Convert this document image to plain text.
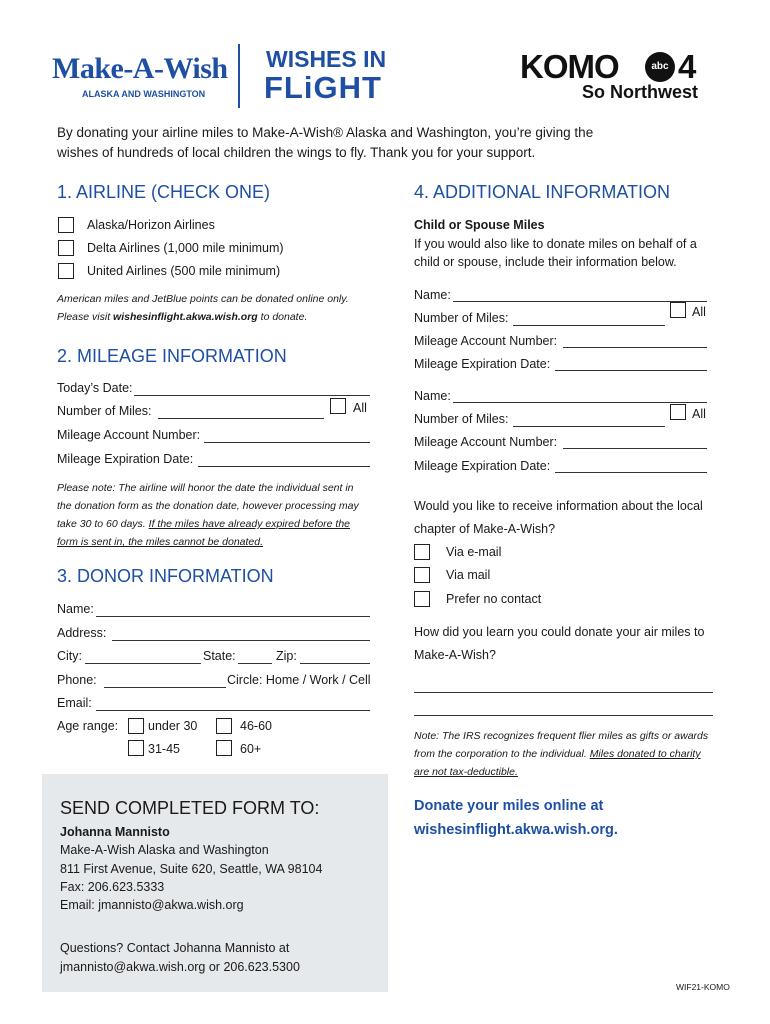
Make-A-Wish
ALASKA AND WASHINGTON
WISHES IN
FLiGHT
KOMO	abc 4
So Northwest
By donating your airline miles to Make-A-Wish® Alaska and Washington, you’re giving the
wishes of hundreds of local children the wings to fly. Thank you for your support.
1. AIRLINE (CHECK ONE)
Alaska/Horizon Airlines
Delta Airlines (1,000 mile minimum)
United Airlines (500 mile minimum)
American miles and JetBlue points can be donated online only.
Please visit wishesinflight.akwa.wish.org to donate.
2. MILEAGE INFORMATION
Today’s Date:
Number of Miles:	All
Mileage Account Number:
Mileage Expiration Date:
Please note: The airline will honor the date the individual sent in
the donation form as the donation date, however processing may
take 30 to 60 days. If the miles have already expired before the
form is sent in, the miles cannot be donated.
3. DONOR INFORMATION
Name:
Address:
City:	State:	Zip:
Phone:	Circle: Home / Work / Cell
Email:
Age range: under 30	46-60
31-45	60+
SEND COMPLETED FORM TO:
Johanna Mannisto
Make-A-Wish Alaska and Washington
811 First Avenue, Suite 620, Seattle, WA 98104
Fax: 206.623.5333
Email: jmannisto@akwa.wish.org
Questions? Contact Johanna Mannisto at
jmannisto@akwa.wish.org or 206.623.5300
4. ADDITIONAL INFORMATION
Child or Spouse Miles
If you would also like to donate miles on behalf of a
child or spouse, include their information below.
Name:
Number of Miles:	All
Mileage Account Number:
Mileage Expiration Date:
Name:
Number of Miles:	All
Mileage Account Number:
Mileage Expiration Date:
Would you like to receive information about the local
chapter of Make-A-Wish?
Via e-mail
Via mail
Prefer no contact
How did you learn you could donate your air miles to
Make-A-Wish?
Note: The IRS recognizes frequent flier miles as gifts or awards
from the corporation to the individual. Miles donated to charity
are not tax-deductible.
Donate your miles online at
wishesinflight.akwa.wish.org.
WIF21-KOMO
